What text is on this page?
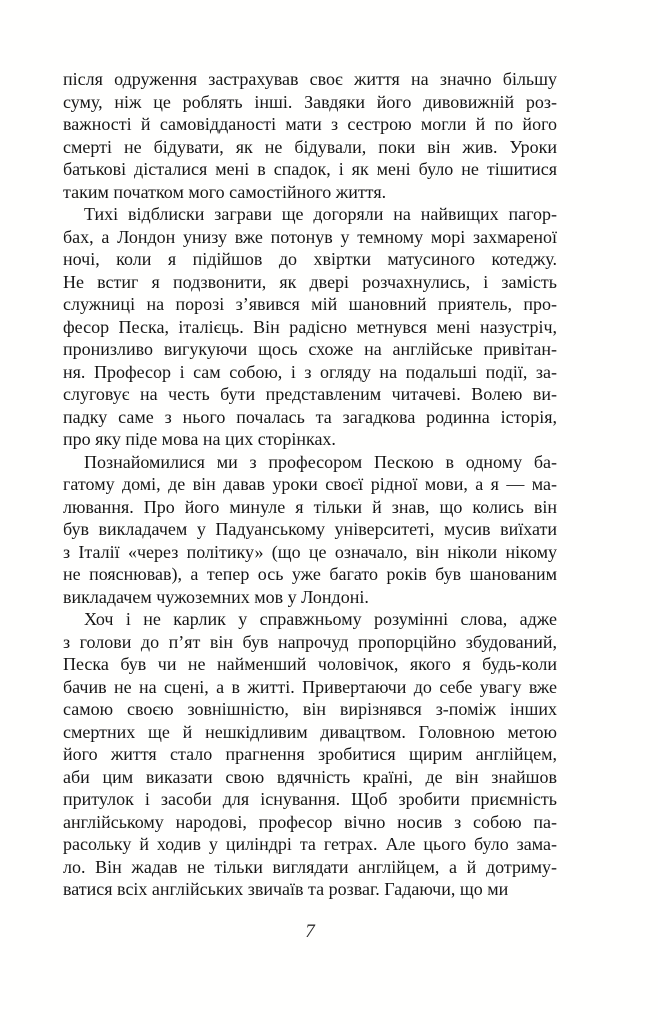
після одруження застрахував своє життя на значно більшу
суму, ніж це роблять інші. Завдяки його дивовижній роз-
важності й самовідданості мати з сестрою могли й по його
смерті не бідувати, як не бідували, поки він жив. Уроки
батькові дісталися мені в спадок, і як мені було не тішитися
таким початком мого самостійного життя.
Тихі відблиски заграви ще догоряли на найвищих пагор-
бах, а Лондон унизу вже потонув у темному морі захмареної
ночі, коли я підійшов до хвіртки матусиного котеджу.
Не встиг я подзвонити, як двері розчахнулись, і замість
служниці на порозі з’явився мій шановний приятель, про-
фесор Песка, італієць. Він радісно метнувся мені назустріч,
пронизливо вигукуючи щось схоже на англійське привітан-
ня. Професор і сам собою, і з огляду на подальші події, за-
слуговує на честь бути представленим читачеві. Волею ви-
падку саме з нього почалась та загадкова родинна історія,
про яку піде мова на цих сторінках.
Познайомилися ми з професором Пескою в одному ба-
гатому домі, де він давав уроки своєї рідної мови, а я — ма-
лювання. Про його минуле я тільки й знав, що колись він
був викладачем у Падуанському університеті, мусив виїхати
з Італії «через політику» (що це означало, він ніколи нікому
не пояснював), а тепер ось уже багато років був шанованим
викладачем чужоземних мов у Лондоні.
Хоч і не карлик у справжньому розумінні слова, адже
з голови до п’ят він був напрочуд пропорційно збудований,
Песка був чи не найменший чоловічок, якого я будь-коли
бачив не на сцені, а в житті. Привертаючи до себе увагу вже
самою своєю зовнішністю, він вирізнявся з-поміж інших
смертних ще й нешкідливим дивацтвом. Головною метою
його життя стало прагнення зробитися щирим англійцем,
аби цим виказати свою вдячність країні, де він знайшов
притулок і засоби для існування. Щоб зробити приємність
англійському народові, професор вічно носив з собою па-
расольку й ходив у циліндрі та гетрах. Але цього було зама-
ло. Він жадав не тільки виглядати англійцем, а й дотриму-
ватися всіх англійських звичаїв та розваг. Гадаючи, що ми
7
